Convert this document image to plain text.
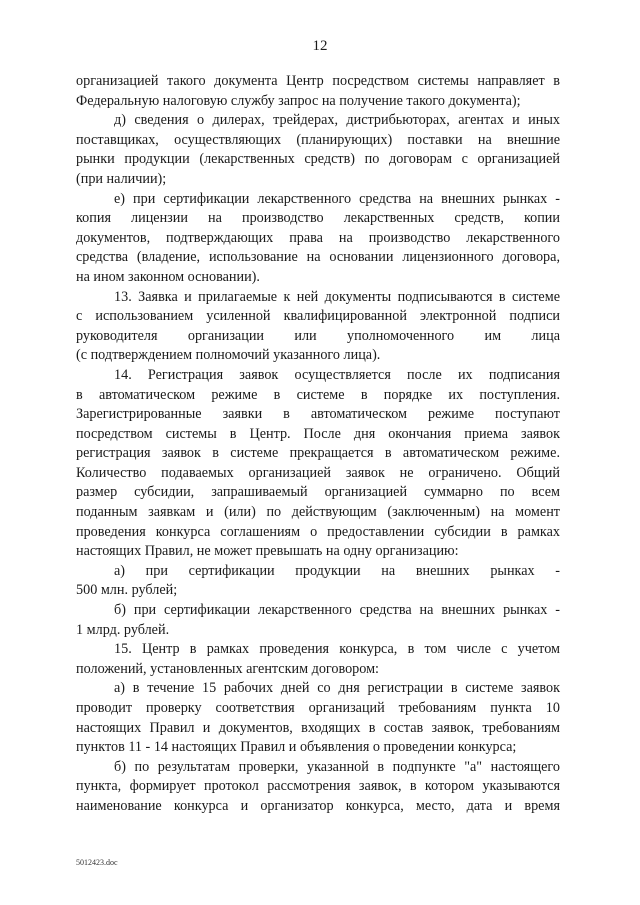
12

организацией такого документа Центр посредством системы направляет в
Федеральную налоговую службу запрос на получение такого документа);

д) сведения о дилерах, трейдерах, дистрибьюторах, агентах и иных
поставщиках, осуществляющих (планирующих) поставки на внешние
рынки продукции (лекарственных средств) по договорам с организацией
(при наличии);

е) при сертификации лекарственного средства на внешних рынках -
копия лицензии на производство лекарственных средств, копии
документов, подтверждающих права на производство лекарственного
средства (владение, использование на основании лицензионного договора,
на ином законном основании).

13. Заявка и прилагаемые к ней документы подписываются в системе
с использованием усиленной квалифицированной электронной подписи
руководителя организации или уполномоченного им лица
(с подтверждением полномочий указанного лица).

14. Регистрация заявок осуществляется после их подписания
в автоматическом режиме в системе в порядке их поступления.
Зарегистрированные заявки в автоматическом режиме поступают
посредством системы в Центр. После дня окончания приема заявок
регистрация заявок в системе прекращается в автоматическом режиме.
Количество подаваемых организацией заявок не ограничено. Общий
размер субсидии, запрашиваемый организацией суммарно по всем
поданным заявкам и (или) по действующим (заключенным) на момент
проведения конкурса соглашениям о предоставлении субсидии в рамках
настоящих Правил, не может превышать на одну организацию:

а) при сертификации продукции на внешних рынках -
500 млн. рублей;

б) при сертификации лекарственного средства на внешних рынках -
1 млрд. рублей.

15. Центр в рамках проведения конкурса, в том числе с учетом
положений, установленных агентским договором:

а) в течение 15 рабочих дней со дня регистрации в системе заявок
проводит проверку соответствия организаций требованиям пункта 10
настоящих Правил и документов, входящих в состав заявок, требованиям
пунктов 11 - 14 настоящих Правил и объявления о проведении конкурса;

б) по результатам проверки, указанной в подпункте "а" настоящего
пункта, формирует протокол рассмотрения заявок, в котором указываются
наименование конкурса и организатор конкурса, место, дата и время

5012423.doc
